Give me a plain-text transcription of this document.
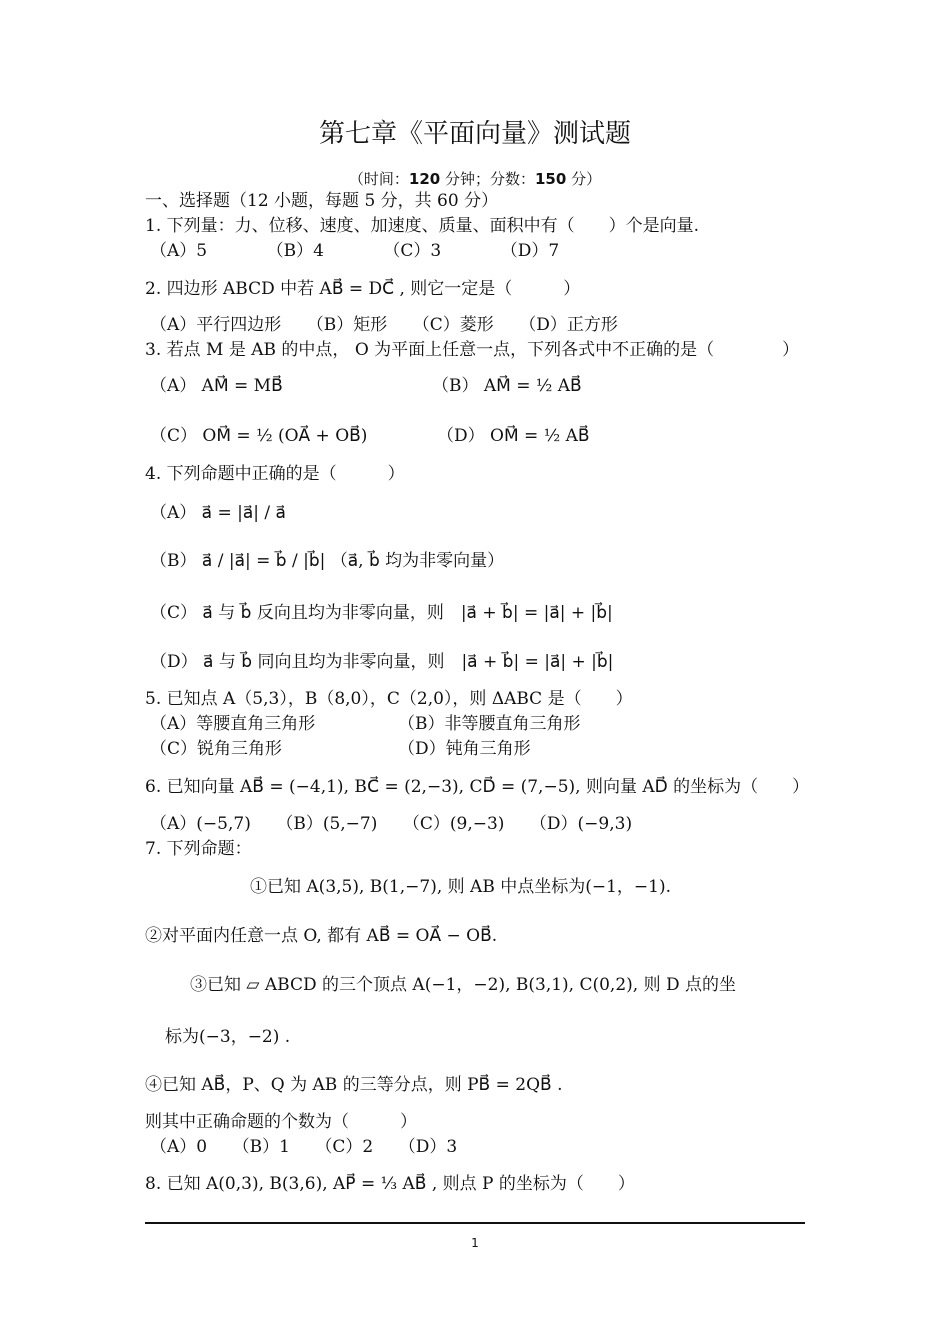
第七章《平面向量》测试题
（时间：120 分钟；分数：150 分）
一、选择题（12 小题，每题 5 分，共 60 分）
1. 下列量：力、位移、速度、加速度、质量、面积中有（　　）个是向量.
（A）5　　　　（B）4　　　　（C）3　　　　（D）7
2. 四边形 ABCD 中若 AB⃗ = DC⃗ , 则它一定是（　　　）
（A）平行四边形　　（B）矩形　　（C）菱形　　（D）正方形
3. 若点 M 是 AB 的中点， O 为平面上任意一点，下列各式中不正确的是（　　　　）
（A） AM⃗ = MB⃗	（B） AM⃗ = ½ AB⃗
（C） OM⃗ = ½ (OA⃗ + OB⃗)	（D） OM⃗ = ½ AB⃗
4. 下列命题中正确的是（　　　）
（A） a⃗ = |a⃗| / a⃗
（B） a⃗ / |a⃗| = b⃗ / |b⃗| （a⃗, b⃗ 均为非零向量）
（C） a⃗ 与 b⃗ 反向且均为非零向量，则　|a⃗ + b⃗| = |a⃗| + |b⃗|
（D） a⃗ 与 b⃗ 同向且均为非零向量，则　|a⃗ + b⃗| = |a⃗| + |b⃗|
5. 已知点 A（5,3），B（8,0），C（2,0），则 ΔABC 是（　　）
（A）等腰直角三角形	（B）非等腰直角三角形
（C）锐角三角形	（D）钝角三角形
6. 已知向量 AB⃗ = (−4,1), BC⃗ = (2,−3), CD⃗ = (7,−5), 则向量 AD⃗ 的坐标为（　　）
（A）(−5,7)　　（B）(5,−7)　　（C）(9,−3)　　（D）(−9,3)
7. 下列命题：
①已知 A(3,5), B(1,−7), 则 AB 中点坐标为(−1，−1).
②对平面内任意一点 O, 都有 AB⃗ = OA⃗ − OB⃗.
③已知 ▱ ABCD 的三个顶点 A(−1，−2), B(3,1), C(0,2), 则 D 点的坐
标为(−3，−2) .
④已知 AB⃗，P、Q 为 AB 的三等分点，则 PB⃗ = 2QB⃗ .
则其中正确命题的个数为（　　　）
（A）0　　（B）1　　（C）2　　（D）3
8. 已知 A(0,3), B(3,6), AP⃗ = ⅓ AB⃗ , 则点 P 的坐标为（　　）
1
